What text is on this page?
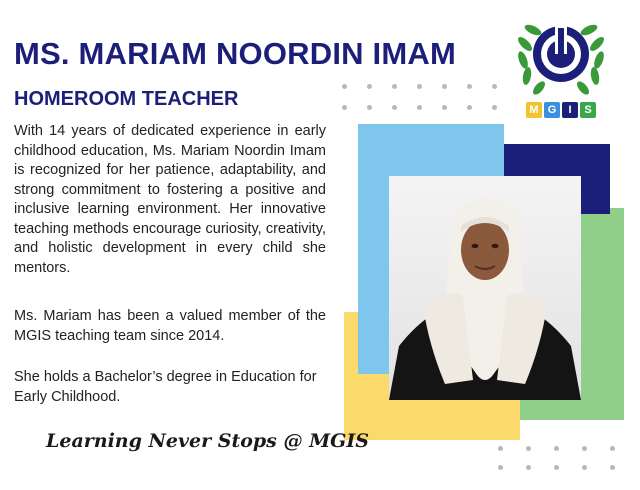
M G	I	S
MS. MARIAM NOORDIN IMAM
HOMEROOM TEACHER

With 14 years of dedicated experience in early childhood education, Ms. Mariam Noordin Imam is recognized for her patience, adaptability, and strong commitment to fostering a positive and inclusive learning environment. Her innovative teaching methods encourage curiosity, creativity, and holistic development in every child she mentors.

Ms. Mariam has been a valued member of the MGIS teaching team since 2014.

She holds a Bachelor’s degree in Education for Early Childhood.

Learning Never Stops @ MGIS
